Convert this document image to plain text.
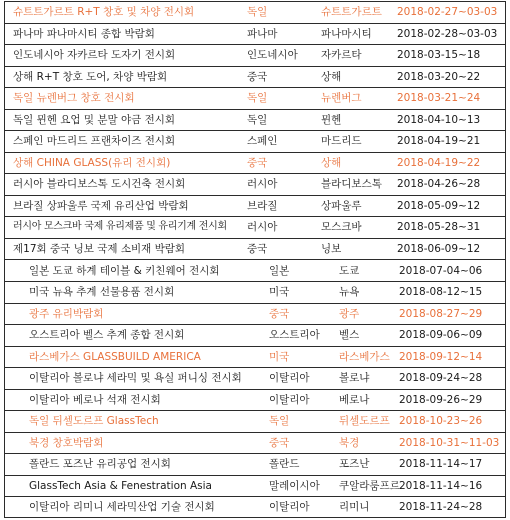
슈트트가르트 R+T 창호 및 차양 전시회	독일	슈트트가르트	2018-02-27~03-03
파나마 파나마시티 종합 박람회	파나마	파나마시티	2018-02-28~03-03
인도네시아 자카르타 도자기 전시회	인도네시아	자카르타	2018-03-15~18
상해 R+T 창호 도어, 차양 박람회	중국	상해	2018-03-20~22
독일 뉴렌버그 창호 전시회	독일	뉴렌버그	2018-03-21~24
독일 뮌헨 요업 및 분말 야금 전시회	독일	뮌헨	2018-04-10~13
스페인 마드리드 프랜차이즈 전시회	스페인	마드리드	2018-04-19~21
상해 CHINA GLASS(유리 전시회)	중국	상해	2018-04-19~22
러시아 블라디보스톡 도시건축 전시회	러시아	블라디보스톡	2018-04-26~28
브라질 상파울루 국제 유리산업 박람회	브라질	상파울루	2018-05-09~12
러시아 모스크바 국제 유리제품 및 유리기계 전시회	러시아	모스크바	2018-05-28~31
제17회 중국 닝보 국제 소비재 박람회	중국	닝보	2018-06-09~12
일본 도쿄 하계 테이블 & 키친웨어 전시회	일본	도쿄	2018-07-04~06
미국 뉴욕 추계 선물용품 전시회	미국	뉴욕	2018-08-12~15
광주 유리박람회	중국	광주	2018-08-27~29
오스트리아 벨스 추계 종합 전시회	오스트리아	벨스	2018-09-06~09
라스베가스 GLASSBUILD AMERICA	미국	라스베가스 2018-09-12~14
이탈리아 볼로냐 세라믹 및 욕실 퍼니싱 전시회	이탈리아	볼로냐	2018-09-24~28
이탈리아 베로나 석재 전시회	이탈리아	베로나	2018-09-26~29
독일 뒤셀도르프 GlassTech	독일	뒤셀도르프 2018-10-23~26
북경 창호박람회	중국	북경	2018-10-31~11-03
폴란드 포즈난 유리공업 전시회	폴란드	포즈난	2018-11-14~17
GlassTech Asia & Fenestration Asia	말레이시아	쿠알라룸프르 2018-11-14~16
이탈리아 리미니 세라믹산업 기술 전시회	이탈리아	리미니	2018-11-24~28
